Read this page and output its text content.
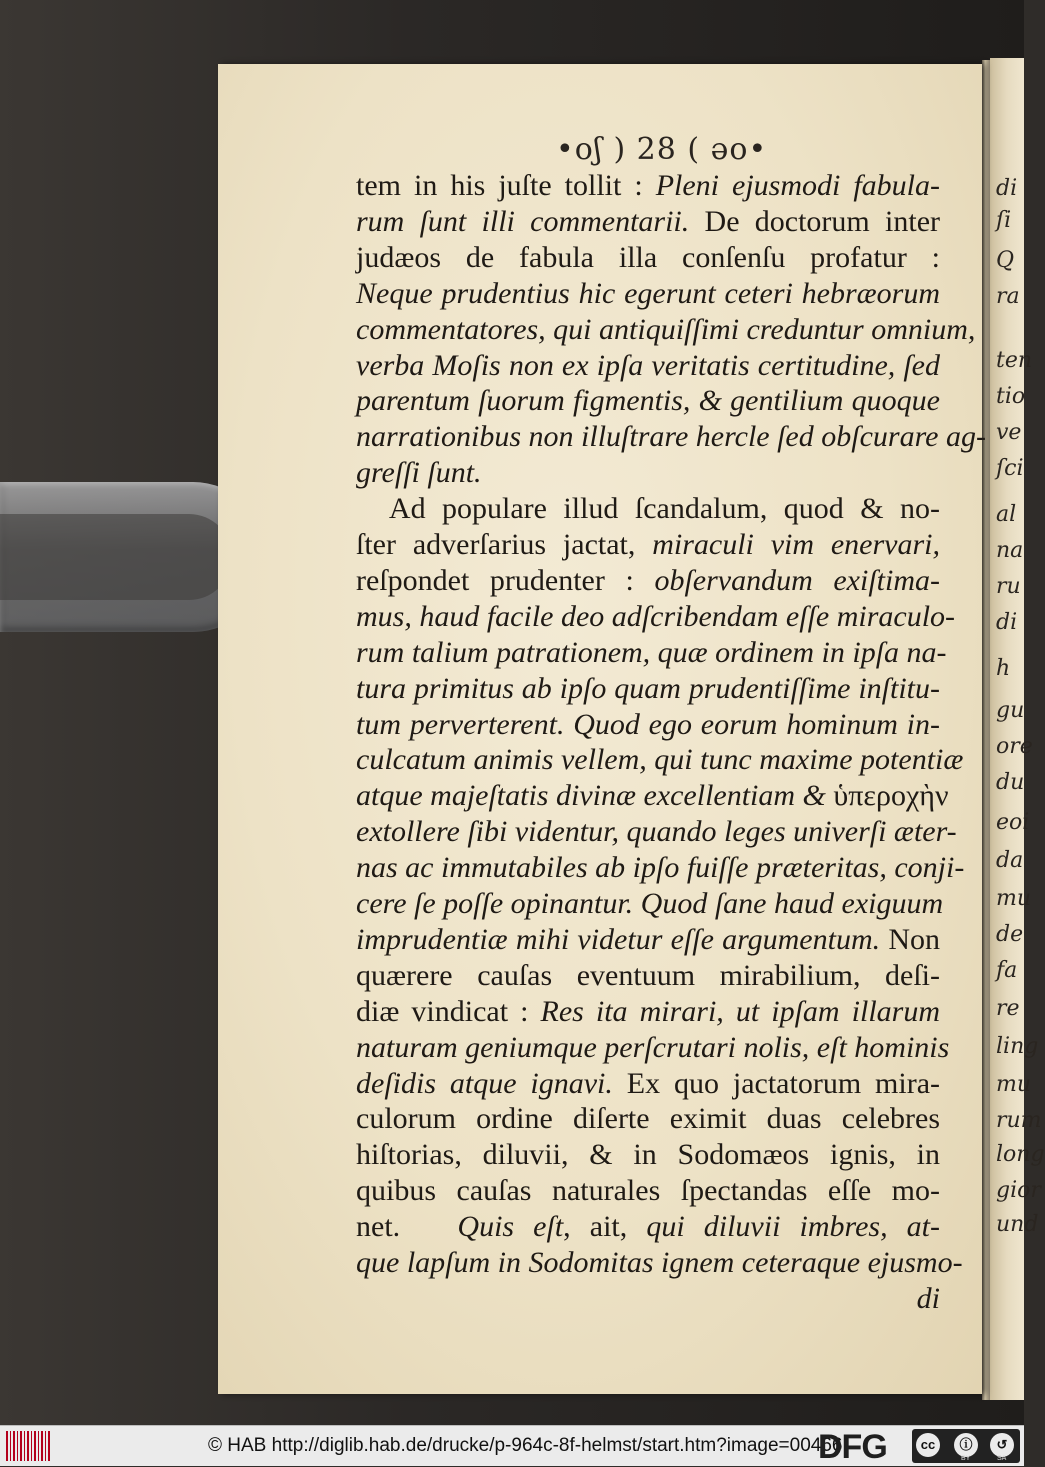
di
ſi
Q
ra
ten
tio
ve
ſci
al
na
ru
di
h
gu
ore
du
eoi
da
mu
de
fa
re
ling
mu
rum
long
gior
und
•oʃ ) 28 ( əo•
tem in his juſte tollit : Pleni ejusmodi fabula-
rum ſunt illi commentarii. De doctorum inter
judæos de fabula illa conſenſu profatur :
Neque prudentius hic egerunt ceteri hebræorum
commentatores, qui antiquiſſimi creduntur omnium,
verba Moſis non ex ipſa veritatis certitudine, ſed
parentum ſuorum figmentis, & gentilium quoque
narrationibus non illuſtrare hercle ſed obſcurare ag-
greſſi ſunt.
Ad populare illud ſcandalum, quod & no-
ſter adverſarius jactat, miraculi vim enervari,
reſpondet prudenter : obſervandum exiſtima-
mus, haud facile deo adſcribendam eſſe miraculo-
rum talium patrationem, quæ ordinem in ipſa na-
tura primitus ab ipſo quam prudentiſſime inſtitu-
tum perverterent. Quod ego eorum hominum in-
culcatum animis vellem, qui tunc maxime potentiæ
atque majeſtatis divinæ excellentiam & ὑπεροχὴν
extollere ſibi videntur, quando leges univerſi æter-
nas ac immutabiles ab ipſo fuiſſe præteritas, conji-
cere ſe poſſe opinantur. Quod ſane haud exiguum
imprudentiæ mihi videtur eſſe argumentum. Non
quærere cauſas eventuum mirabilium, deſi-
diæ vindicat : Res ita mirari, ut ipſam illarum
naturam geniumque perſcrutari nolis, eſt hominis
deſidis atque ignavi. Ex quo jactatorum mira-
culorum ordine diſerte eximit duas celebres
hiſtorias, diluvii, & in Sodomæos ignis, in
quibus cauſas naturales ſpectandas eſſe mo-
net.   Quis eſt, ait, qui diluvii imbres, at-
que lapſum in Sodomitas ignem ceteraque ejusmo-
di
© HAB http://diglib.hab.de/drucke/p-964c-8f-helmst/start.htm?image=00466
DFG	cc	ⓘ	↺
BY	SA
